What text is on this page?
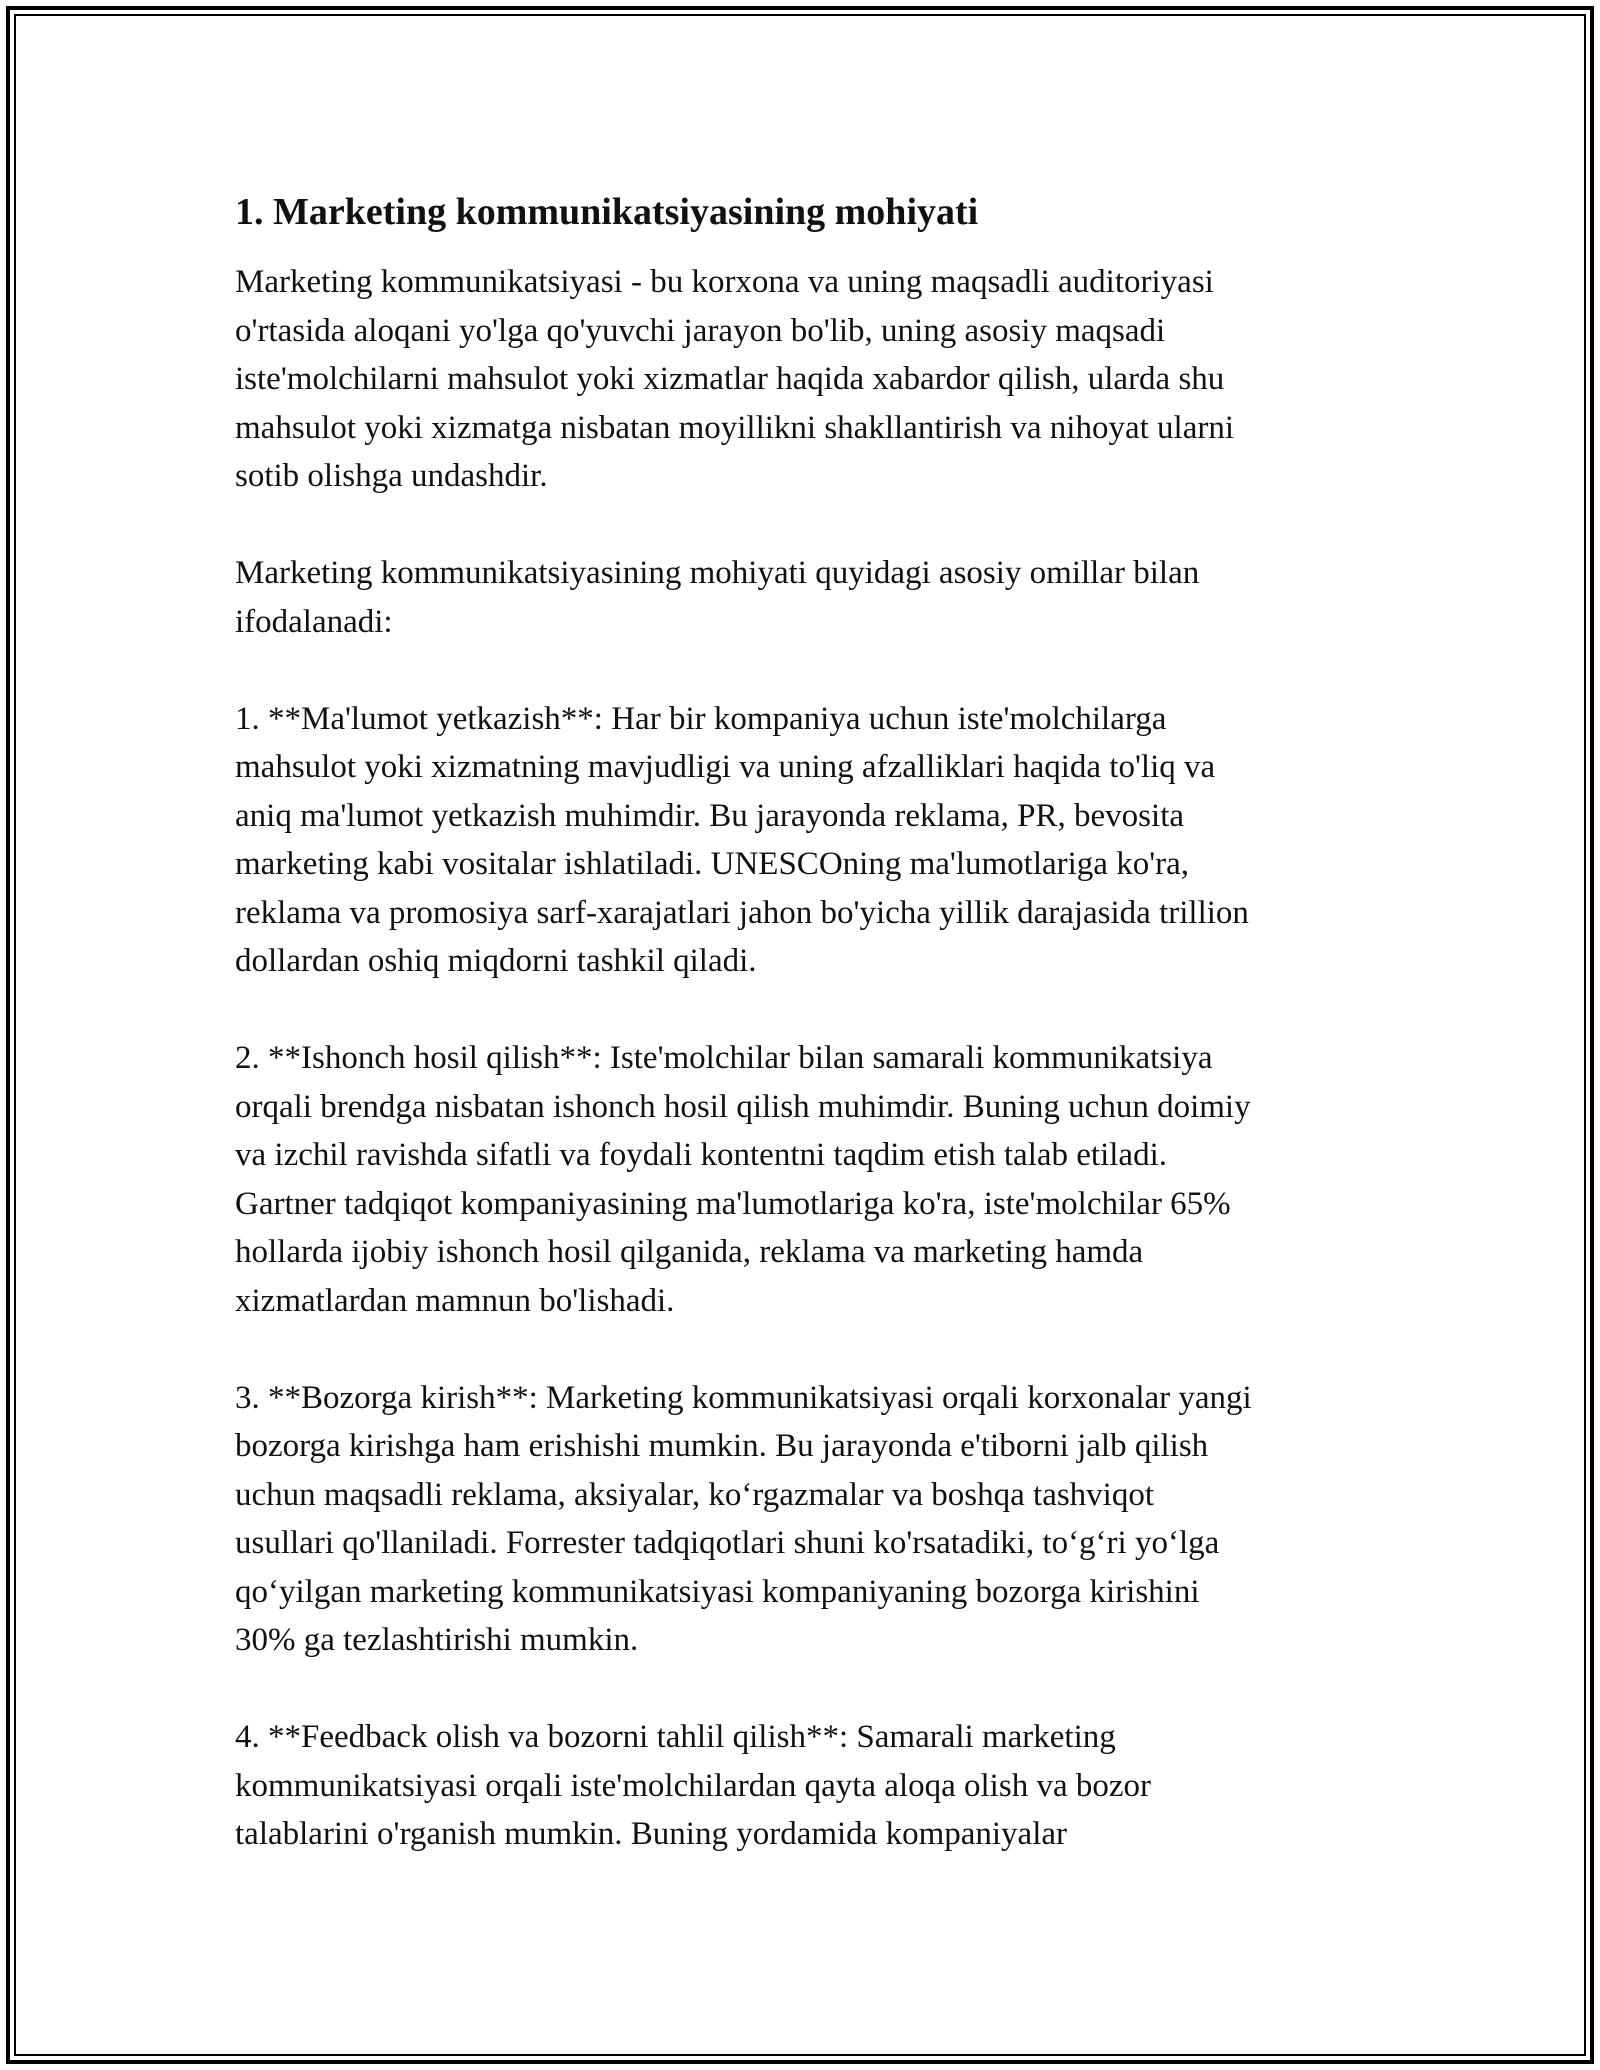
1. Marketing kommunikatsiyasining mohiyati

Marketing kommunikatsiyasi - bu korxona va uning maqsadli auditoriyasi
o'rtasida aloqani yo'lga qo'yuvchi jarayon bo'lib, uning asosiy maqsadi
iste'molchilarni mahsulot yoki xizmatlar haqida xabardor qilish, ularda shu
mahsulot yoki xizmatga nisbatan moyillikni shakllantirish va nihoyat ularni
sotib olishga undashdir.

Marketing kommunikatsiyasining mohiyati quyidagi asosiy omillar bilan
ifodalanadi:

1. **Ma'lumot yetkazish**: Har bir kompaniya uchun iste'molchilarga
mahsulot yoki xizmatning mavjudligi va uning afzalliklari haqida to'liq va
aniq ma'lumot yetkazish muhimdir. Bu jarayonda reklama, PR, bevosita
marketing kabi vositalar ishlatiladi. UNESCOning ma'lumotlariga ko'ra,
reklama va promosiya sarf-xarajatlari jahon bo'yicha yillik darajasida trillion
dollardan oshiq miqdorni tashkil qiladi.

2. **Ishonch hosil qilish**: Iste'molchilar bilan samarali kommunikatsiya
orqali brendga nisbatan ishonch hosil qilish muhimdir. Buning uchun doimiy
va izchil ravishda sifatli va foydali kontentni taqdim etish talab etiladi.
Gartner tadqiqot kompaniyasining ma'lumotlariga ko'ra, iste'molchilar 65%
hollarda ijobiy ishonch hosil qilganida, reklama va marketing hamda
xizmatlardan mamnun bo'lishadi.

3. **Bozorga kirish**: Marketing kommunikatsiyasi orqali korxonalar yangi
bozorga kirishga ham erishishi mumkin. Bu jarayonda e'tiborni jalb qilish
uchun maqsadli reklama, aksiyalar, ko‘rgazmalar va boshqa tashviqot
usullari qo'llaniladi. Forrester tadqiqotlari shuni ko'rsatadiki, to‘g‘ri yo‘lga
qo‘yilgan marketing kommunikatsiyasi kompaniyaning bozorga kirishini
30% ga tezlashtirishi mumkin.

4. **Feedback olish va bozorni tahlil qilish**: Samarali marketing
kommunikatsiyasi orqali iste'molchilardan qayta aloqa olish va bozor
talablarini o'rganish mumkin. Buning yordamida kompaniyalar
